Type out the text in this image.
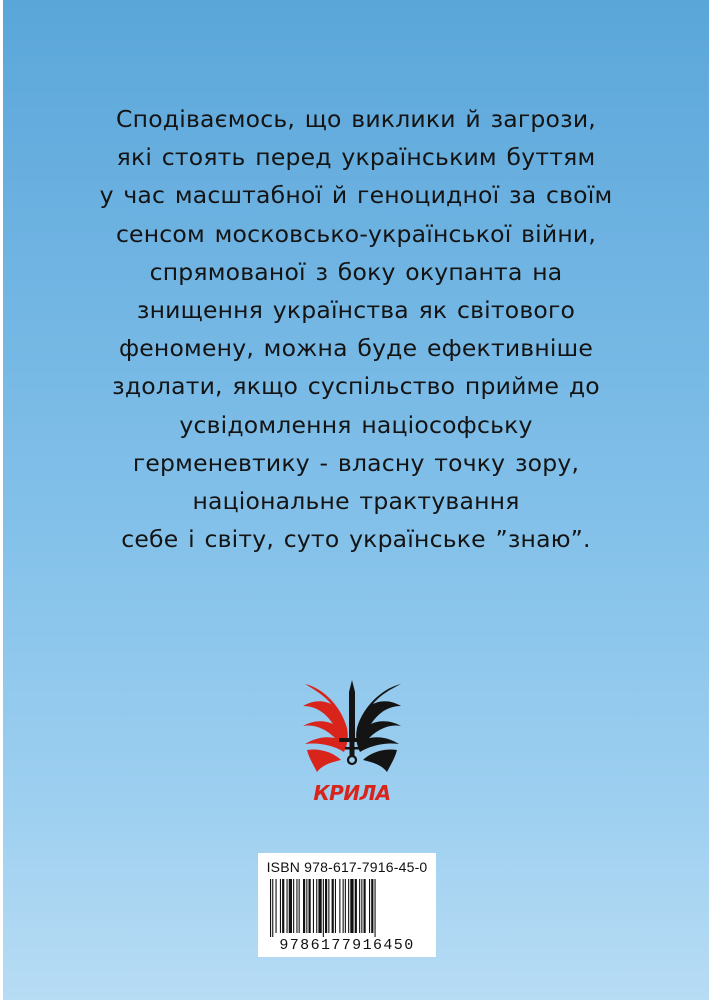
Сподіваємось, що виклики й загрози,
які стоять перед українським буттям
у час масштабної й геноцидної за своїм
сенсом московсько-української війни,
спрямованої з боку окупанта на
знищення українства як світового
феномену, можна буде ефективніше
здолати, якщо суспільство прийме до
усвідомлення націософську
герменевтику - власну точку зору,
національне трактування
себе і світу, суто українське ”знаю”.

КРИЛА
ISBN 978-617-7916-45-0
9786177916450
